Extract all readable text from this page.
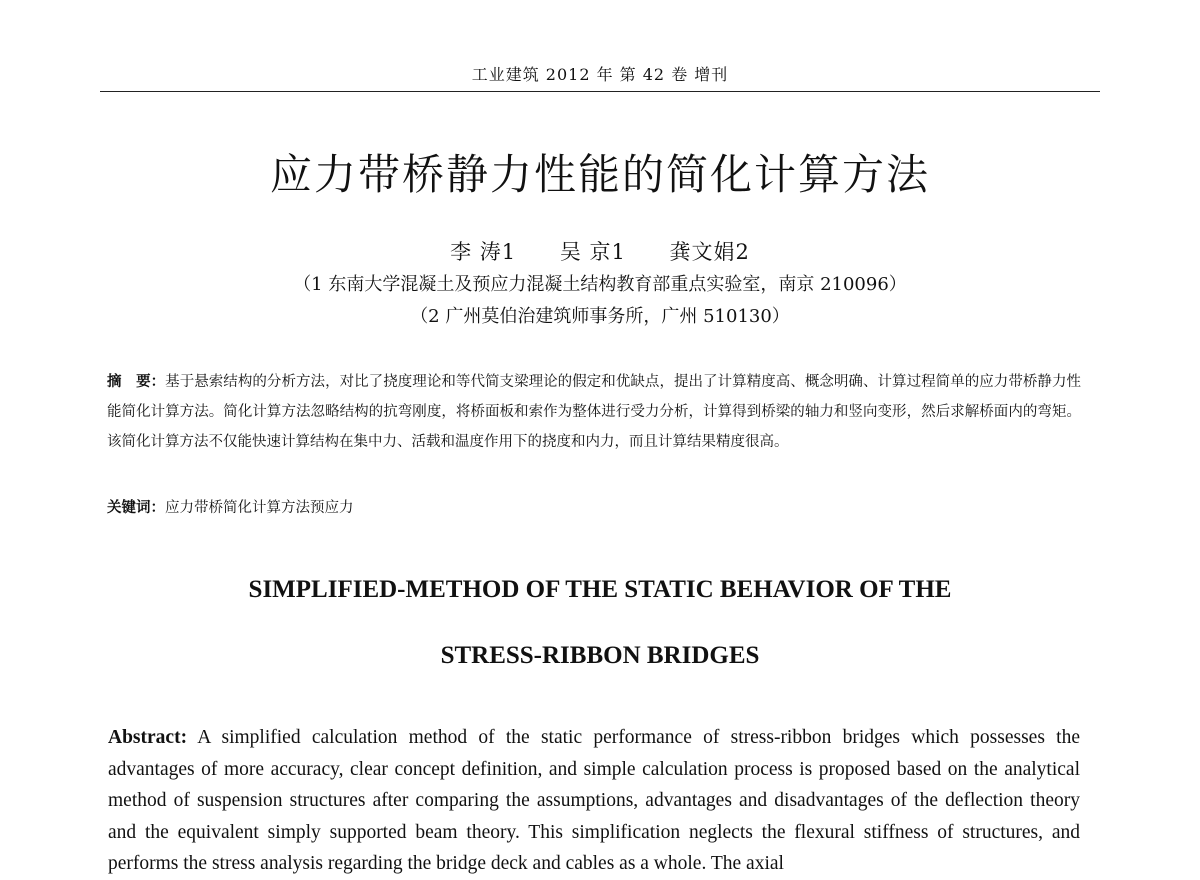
工业建筑 2012 年 第 42 卷 增刊
应力带桥静力性能的简化计算方法
李 涛1 吴 京1 龚文娟2
（1 东南大学混凝土及预应力混凝土结构教育部重点实验室，南京 210096）
（2 广州莫伯治建筑师事务所，广州 510130）
摘　要：基于悬索结构的分析方法，对比了挠度理论和等代简支梁理论的假定和优缺点，提出了计算精度高、概念明确、计算过程简单的应力带桥静力性能简化计算方法。简化计算方法忽略结构的抗弯刚度，将桥面板和索作为整体进行受力分析，计算得到桥梁的轴力和竖向变形，然后求解桥面内的弯矩。该简化计算方法不仅能快速计算结构在集中力、活载和温度作用下的挠度和内力，而且计算结果精度很高。
关键词：应力带桥简化计算方法预应力
SIMPLIFIED-METHOD OF THE STATIC BEHAVIOR OF THE
STRESS-RIBBON BRIDGES
Abstract: A simplified calculation method of the static performance of stress-ribbon bridges which possesses the advantages of more accuracy, clear concept definition, and simple calculation process is proposed based on the analytical method of suspension structures after comparing the assumptions, advantages and disadvantages of the deflection theory and the equivalent simply supported beam theory. This simplification neglects the flexural stiffness of structures, and performs the stress analysis regarding the bridge deck and cables as a whole. The axial
